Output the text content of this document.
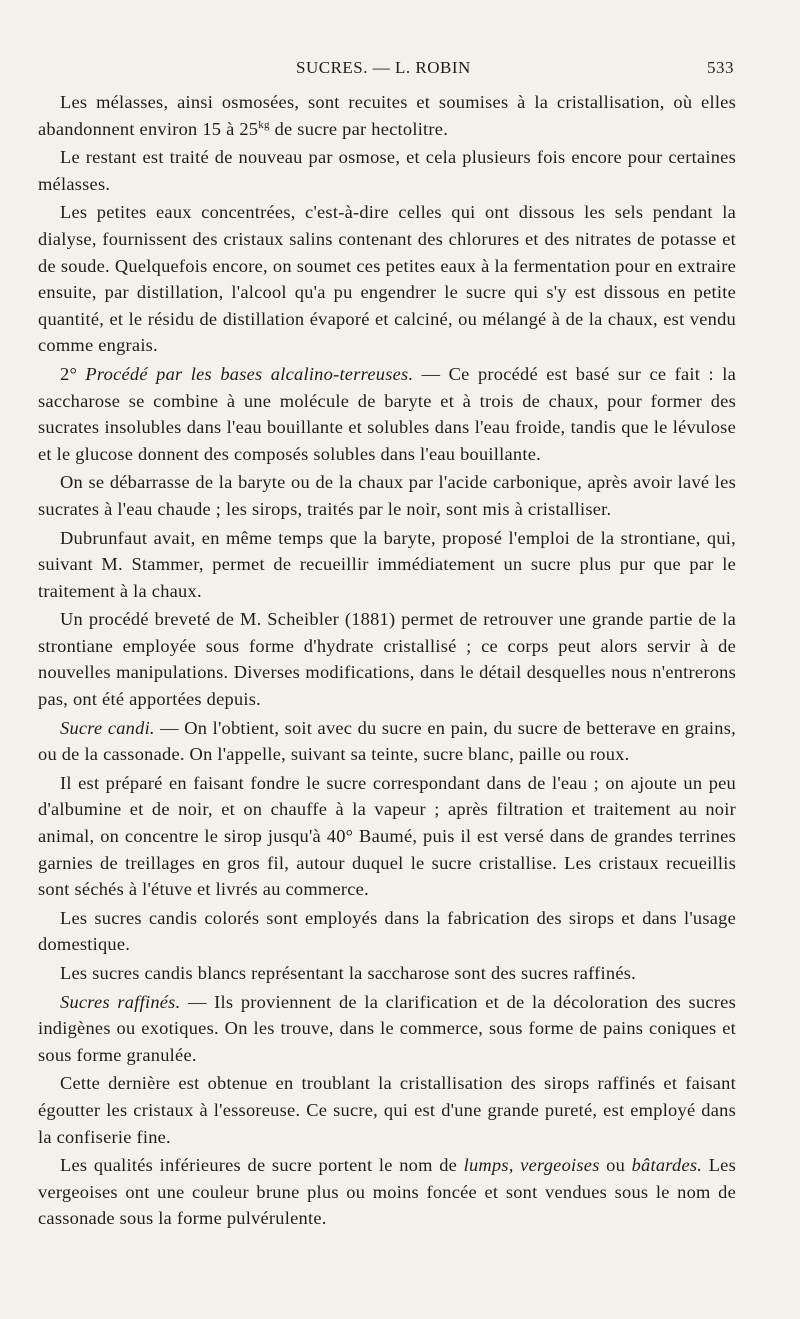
SUCRES. — L. ROBIN	533

Les mélasses, ainsi osmosées, sont recuites et soumises à la cristallisation, où elles abandonnent environ 15 à $25^{kg}$ de sucre par hectolitre.

Le restant est traité de nouveau par osmose, et cela plusieurs fois encore pour certaines mélasses.

Les petites eaux concentrées, c'est-à-dire celles qui ont dissous les sels pendant la dialyse, fournissent des cristaux salins contenant des chlorures et des nitrates de potasse et de soude. Quelquefois encore, on soumet ces petites eaux à la fermentation pour en extraire ensuite, par distillation, l'alcool qu'a pu engendrer le sucre qui s'y est dissous en petite quantité, et le résidu de distillation évaporé et calciné, ou mélangé à de la chaux, est vendu comme engrais.

2° Procédé par les bases alcalino-terreuses. — Ce procédé est basé sur ce fait : la saccharose se combine à une molécule de baryte et à trois de chaux, pour former des sucrates insolubles dans l'eau bouillante et solubles dans l'eau froide, tandis que le lévulose et le glucose donnent des composés solubles dans l'eau bouillante.

On se débarrasse de la baryte ou de la chaux par l'acide carbonique, après avoir lavé les sucrates à l'eau chaude ; les sirops, traités par le noir, sont mis à cristalliser.

Dubrunfaut avait, en même temps que la baryte, proposé l'emploi de la strontiane, qui, suivant M. Stammer, permet de recueillir immédiatement un sucre plus pur que par le traitement à la chaux.

Un procédé breveté de M. Scheibler (1881) permet de retrouver une grande partie de la strontiane employée sous forme d'hydrate cristallisé ; ce corps peut alors servir à de nouvelles manipulations. Diverses modifications, dans le détail desquelles nous n'entrerons pas, ont été apportées depuis.

Sucre candi. — On l'obtient, soit avec du sucre en pain, du sucre de betterave en grains, ou de la cassonade. On l'appelle, suivant sa teinte, sucre blanc, paille ou roux.

Il est préparé en faisant fondre le sucre correspondant dans de l'eau ; on ajoute un peu d'albumine et de noir, et on chauffe à la vapeur ; après filtration et traitement au noir animal, on concentre le sirop jusqu'à 40° Baumé, puis il est versé dans de grandes terrines garnies de treillages en gros fil, autour duquel le sucre cristallise. Les cristaux recueillis sont séchés à l'étuve et livrés au commerce.

Les sucres candis colorés sont employés dans la fabrication des sirops et dans l'usage domestique.

Les sucres candis blancs représentant la saccharose sont des sucres raffinés.

Sucres raffinés. — Ils proviennent de la clarification et de la décoloration des sucres indigènes ou exotiques. On les trouve, dans le commerce, sous forme de pains coniques et sous forme granulée.

Cette dernière est obtenue en troublant la cristallisation des sirops raffinés et faisant égoutter les cristaux à l'essoreuse. Ce sucre, qui est d'une grande pureté, est employé dans la confiserie fine.

Les qualités inférieures de sucre portent le nom de lumps, vergeoises ou bâtardes. Les vergeoises ont une couleur brune plus ou moins foncée et sont vendues sous le nom de cassonade sous la forme pulvérulente.
